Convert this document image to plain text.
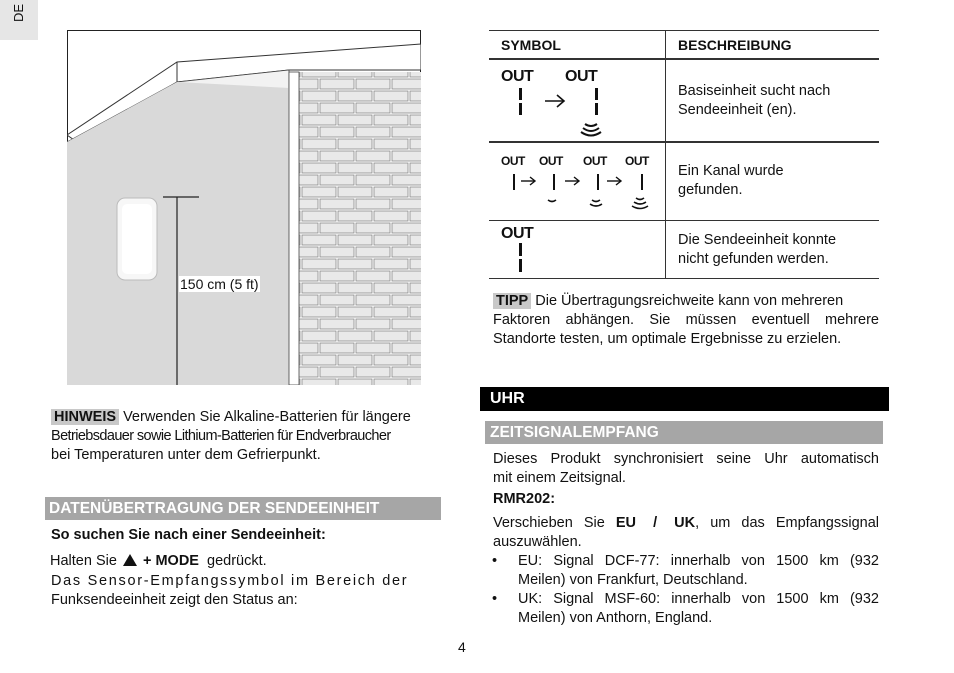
DE
150 cm (5 ft)
HINWEIS Verwenden Sie Alkaline-Batterien für längere
Betriebsdauer sowie Lithium-Batterien für Endverbraucher
bei Temperaturen unter dem Gefrierpunkt.
DATENÜBERTRAGUNG DER SENDEEINHEIT
So suchen Sie nach einer Sendeeinheit:
Halten Sie + MODE gedrückt.
Das Sensor-Empfangssymbol im Bereich der
Funksendeeinheit zeigt den Status an:
SYMBOL	BESCHREIBUNG
OUT OUT
Basiseinheit sucht nach
Sendeeinheit (en).
OUT OUT OUT OUT
Ein Kanal wurde
gefunden.
OUT	Die Sendeeinheit konnte
nicht gefunden werden.
TIPP Die Übertragungsreichweite kann von mehreren
Faktoren abhängen. Sie müssen eventuell mehrere
Standorte testen, um optimale Ergebnisse zu erzielen.
UHR
ZEITSIGNALEMPFANG
Dieses Produkt synchronisiert seine Uhr automatisch
mit einem Zeitsignal.
RMR202:
Verschieben Sie EU / UK, um das Empfangssignal
auszuwählen.
• EU: Signal DCF-77: innerhalb von 1500 km (932
Meilen) von Frankfurt, Deutschland.
• UK: Signal MSF-60: innerhalb von 1500 km (932
Meilen) von Anthorn, England.
4
